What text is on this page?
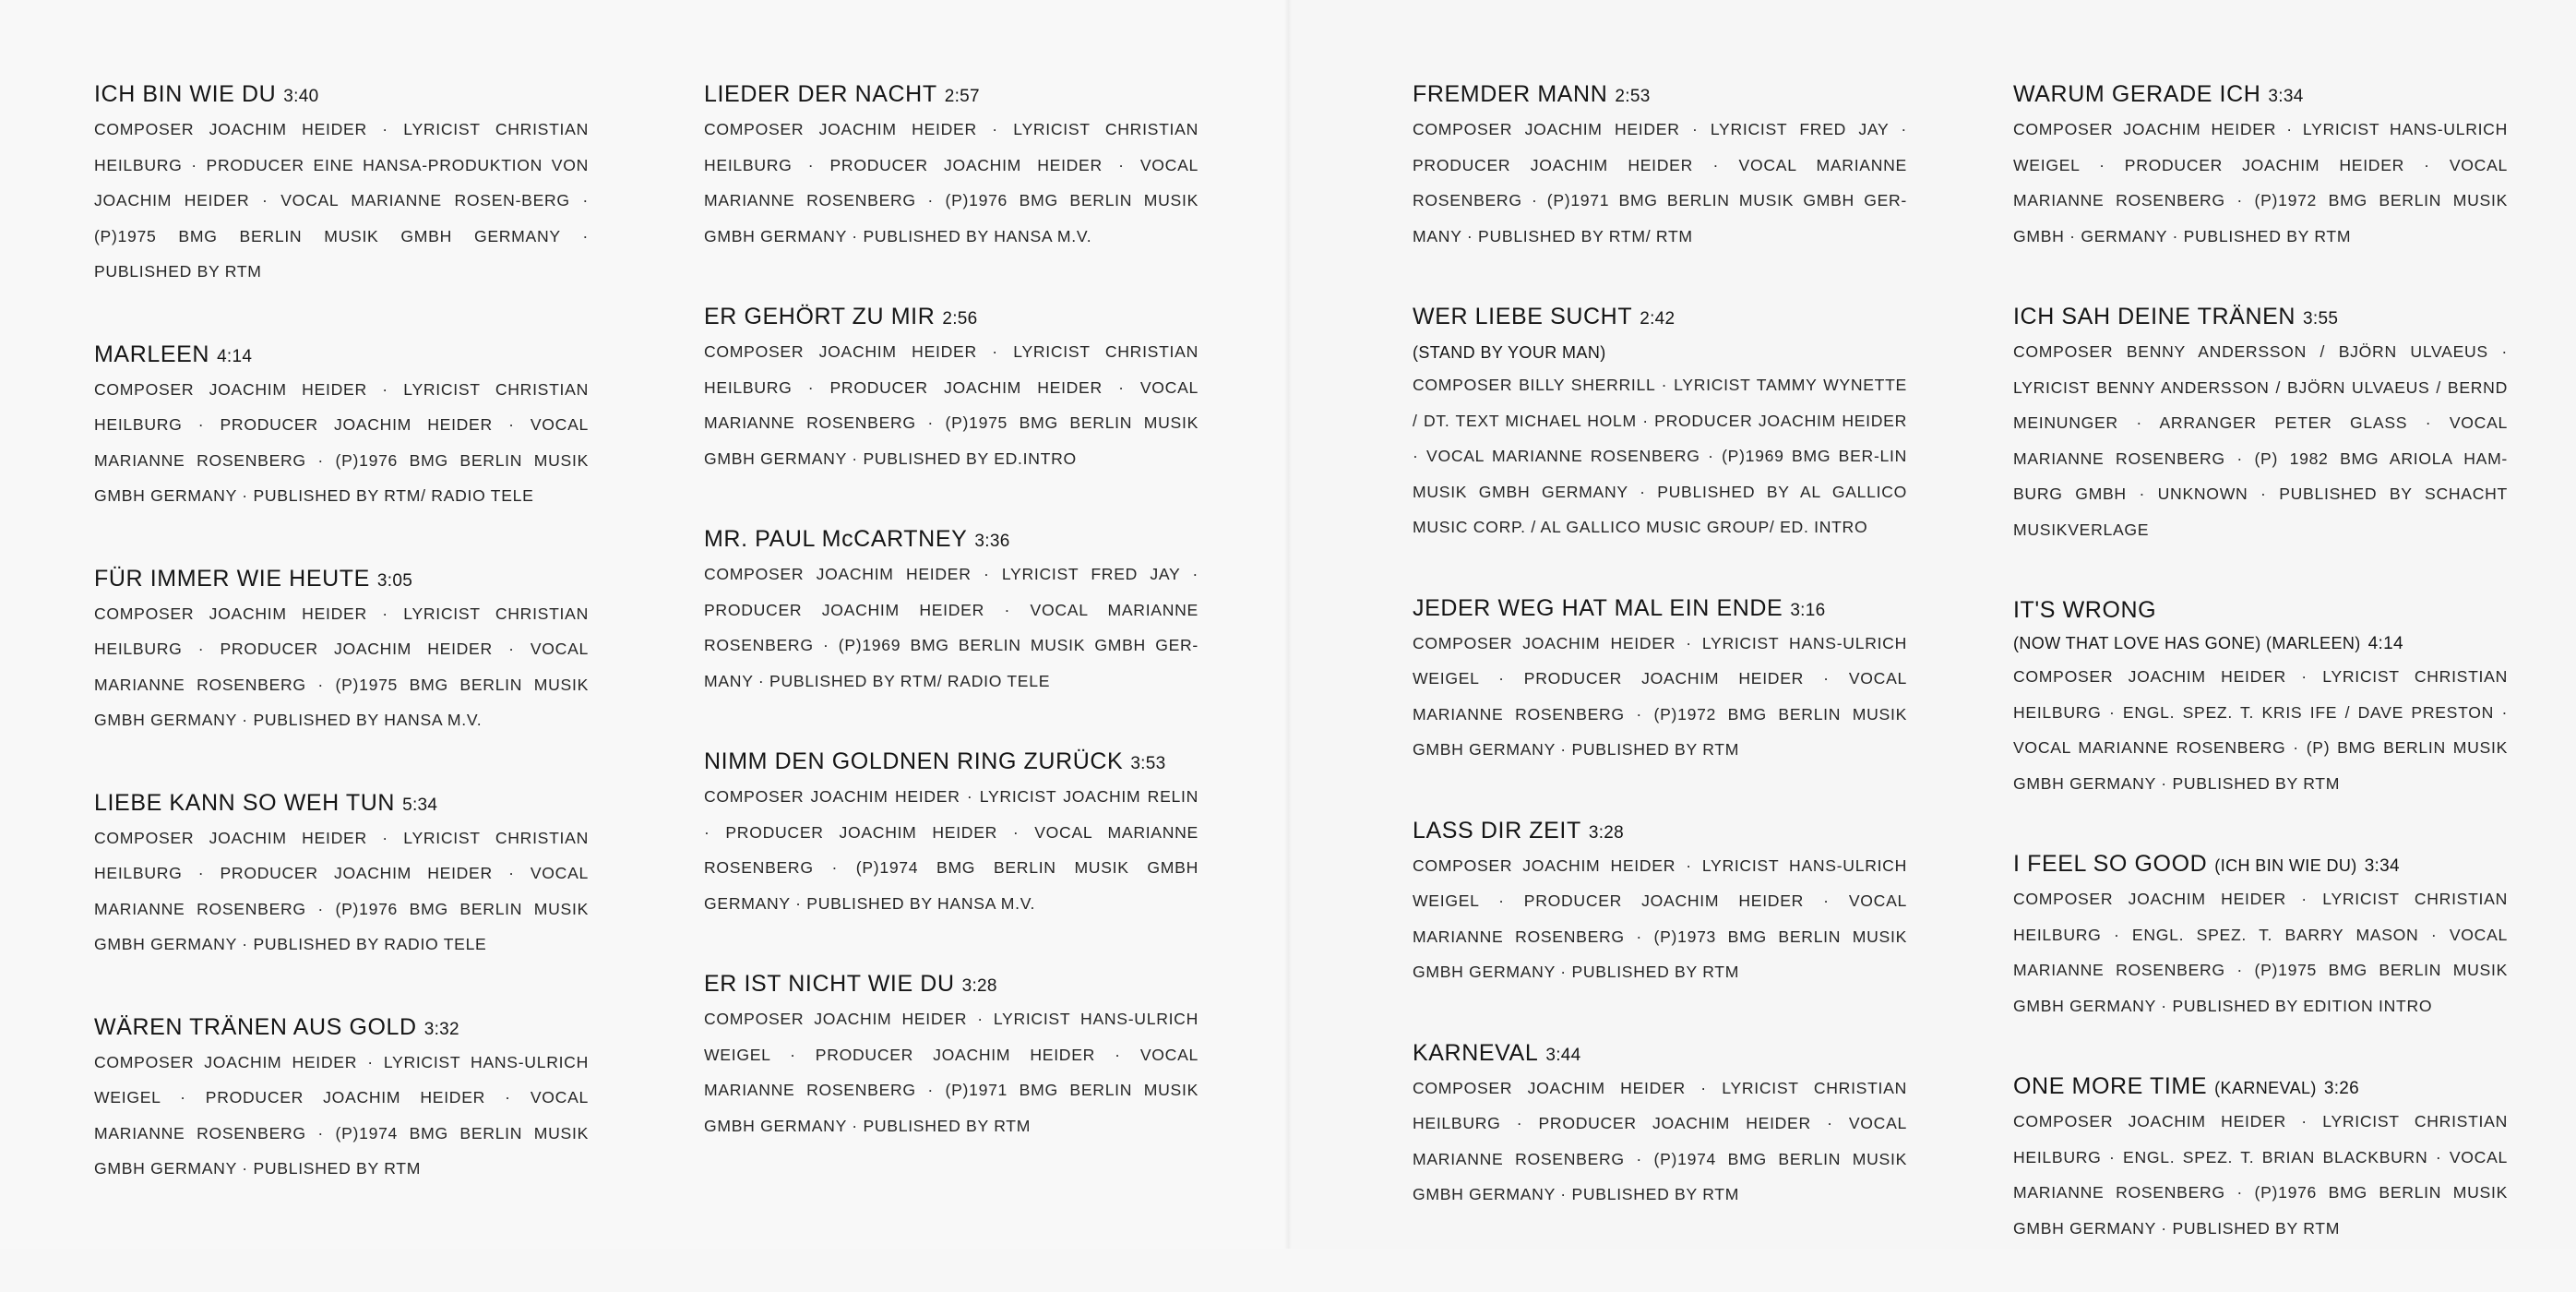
ICH BIN WIE DU 3:40
COMPOSER JOACHIM HEIDER · LYRICIST CHRISTIAN HEILBURG · PRODUCER EINE HANSA-PRODUKTION VON JOACHIM HEIDER · VOCAL MARIANNE ROSEN-BERG · (P)1975 BMG BERLIN MUSIK GMBH GERMANY · PUBLISHED BY RTM
MARLEEN 4:14
COMPOSER JOACHIM HEIDER · LYRICIST CHRISTIAN HEILBURG · PRODUCER JOACHIM HEIDER · VOCAL MARIANNE ROSENBERG · (P)1976 BMG BERLIN MUSIK GMBH GERMANY · PUBLISHED BY RTM/ RADIO TELE
FÜR IMMER WIE HEUTE 3:05
COMPOSER JOACHIM HEIDER · LYRICIST CHRISTIAN HEILBURG · PRODUCER JOACHIM HEIDER · VOCAL MARIANNE ROSENBERG · (P)1975 BMG BERLIN MUSIK GMBH GERMANY · PUBLISHED BY HANSA M.V.
LIEBE KANN SO WEH TUN 5:34
COMPOSER JOACHIM HEIDER · LYRICIST CHRISTIAN HEILBURG · PRODUCER JOACHIM HEIDER · VOCAL MARIANNE ROSENBERG · (P)1976 BMG BERLIN MUSIK GMBH GERMANY · PUBLISHED BY RADIO TELE
WÄREN TRÄNEN AUS GOLD 3:32
COMPOSER JOACHIM HEIDER · LYRICIST HANS-ULRICH WEIGEL · PRODUCER JOACHIM HEIDER · VOCAL MARIANNE ROSENBERG · (P)1974 BMG BERLIN MUSIK GMBH GERMANY · PUBLISHED BY RTM
LIEDER DER NACHT 2:57
COMPOSER JOACHIM HEIDER · LYRICIST CHRISTIAN HEILBURG · PRODUCER JOACHIM HEIDER · VOCAL MARIANNE ROSENBERG · (P)1976 BMG BERLIN MUSIK GMBH GERMANY · PUBLISHED BY HANSA M.V.
ER GEHÖRT ZU MIR 2:56
COMPOSER JOACHIM HEIDER · LYRICIST CHRISTIAN HEILBURG · PRODUCER JOACHIM HEIDER · VOCAL MARIANNE ROSENBERG · (P)1975 BMG BERLIN MUSIK GMBH GERMANY · PUBLISHED BY ED.INTRO
MR. PAUL McCARTNEY 3:36
COMPOSER JOACHIM HEIDER · LYRICIST FRED JAY · PRODUCER JOACHIM HEIDER · VOCAL MARIANNE ROSENBERG · (P)1969 BMG BERLIN MUSIK GMBH GER-MANY · PUBLISHED BY RTM/ RADIO TELE
NIMM DEN GOLDNEN RING ZURÜCK 3:53
COMPOSER JOACHIM HEIDER · LYRICIST JOACHIM RELIN · PRODUCER JOACHIM HEIDER · VOCAL MARIANNE ROSENBERG · (P)1974 BMG BERLIN MUSIK GMBH GERMANY · PUBLISHED BY HANSA M.V.
ER IST NICHT WIE DU 3:28
COMPOSER JOACHIM HEIDER · LYRICIST HANS-ULRICH WEIGEL · PRODUCER JOACHIM HEIDER · VOCAL MARIANNE ROSENBERG · (P)1971 BMG BERLIN MUSIK GMBH GERMANY · PUBLISHED BY RTM
FREMDER MANN 2:53
COMPOSER JOACHIM HEIDER · LYRICIST FRED JAY · PRODUCER JOACHIM HEIDER · VOCAL MARIANNE ROSENBERG · (P)1971 BMG BERLIN MUSIK GMBH GER-MANY · PUBLISHED BY RTM/ RTM
WER LIEBE SUCHT 2:42
(STAND BY YOUR MAN)
COMPOSER BILLY SHERRILL · LYRICIST TAMMY WYNETTE / DT. TEXT MICHAEL HOLM · PRODUCER JOACHIM HEIDER · VOCAL MARIANNE ROSENBERG · (P)1969 BMG BER-LIN MUSIK GMBH GERMANY · PUBLISHED BY AL GALLICO MUSIC CORP. / AL GALLICO MUSIC GROUP/ ED. INTRO
JEDER WEG HAT MAL EIN ENDE 3:16
COMPOSER JOACHIM HEIDER · LYRICIST HANS-ULRICH WEIGEL · PRODUCER JOACHIM HEIDER · VOCAL MARIANNE ROSENBERG · (P)1972 BMG BERLIN MUSIK GMBH GERMANY · PUBLISHED BY RTM
LASS DIR ZEIT 3:28
COMPOSER JOACHIM HEIDER · LYRICIST HANS-ULRICH WEIGEL · PRODUCER JOACHIM HEIDER · VOCAL MARIANNE ROSENBERG · (P)1973 BMG BERLIN MUSIK GMBH GERMANY · PUBLISHED BY RTM
KARNEVAL 3:44
COMPOSER JOACHIM HEIDER · LYRICIST CHRISTIAN HEILBURG · PRODUCER JOACHIM HEIDER · VOCAL MARIANNE ROSENBERG · (P)1974 BMG BERLIN MUSIK GMBH GERMANY · PUBLISHED BY RTM
WARUM GERADE ICH 3:34
COMPOSER JOACHIM HEIDER · LYRICIST HANS-ULRICH WEIGEL · PRODUCER JOACHIM HEIDER · VOCAL MARIANNE ROSENBERG · (P)1972 BMG BERLIN MUSIK GMBH · GERMANY · PUBLISHED BY RTM
ICH SAH DEINE TRÄNEN 3:55
COMPOSER BENNY ANDERSSON / BJÖRN ULVAEUS · LYRICIST BENNY ANDERSSON / BJÖRN ULVAEUS / BERND MEINUNGER · ARRANGER PETER GLASS · VOCAL MARIANNE ROSENBERG · (P) 1982 BMG ARIOLA HAM-BURG GMBH · UNKNOWN · PUBLISHED BY SCHACHT MUSIKVERLAGE
IT'S WRONG
(NOW THAT LOVE HAS GONE) (MARLEEN) 4:14
COMPOSER JOACHIM HEIDER · LYRICIST CHRISTIAN HEILBURG · ENGL. SPEZ. T. KRIS IFE / DAVE PRESTON · VOCAL MARIANNE ROSENBERG · (P) BMG BERLIN MUSIK GMBH GERMANY · PUBLISHED BY RTM
I FEEL SO GOOD (ICH BIN WIE DU) 3:34
COMPOSER JOACHIM HEIDER · LYRICIST CHRISTIAN HEILBURG · ENGL. SPEZ. T. BARRY MASON · VOCAL MARIANNE ROSENBERG · (P)1975 BMG BERLIN MUSIK GMBH GERMANY · PUBLISHED BY EDITION INTRO
ONE MORE TIME (KARNEVAL) 3:26
COMPOSER JOACHIM HEIDER · LYRICIST CHRISTIAN HEILBURG · ENGL. SPEZ. T. BRIAN BLACKBURN · VOCAL MARIANNE ROSENBERG · (P)1976 BMG BERLIN MUSIK GMBH GERMANY · PUBLISHED BY RTM
